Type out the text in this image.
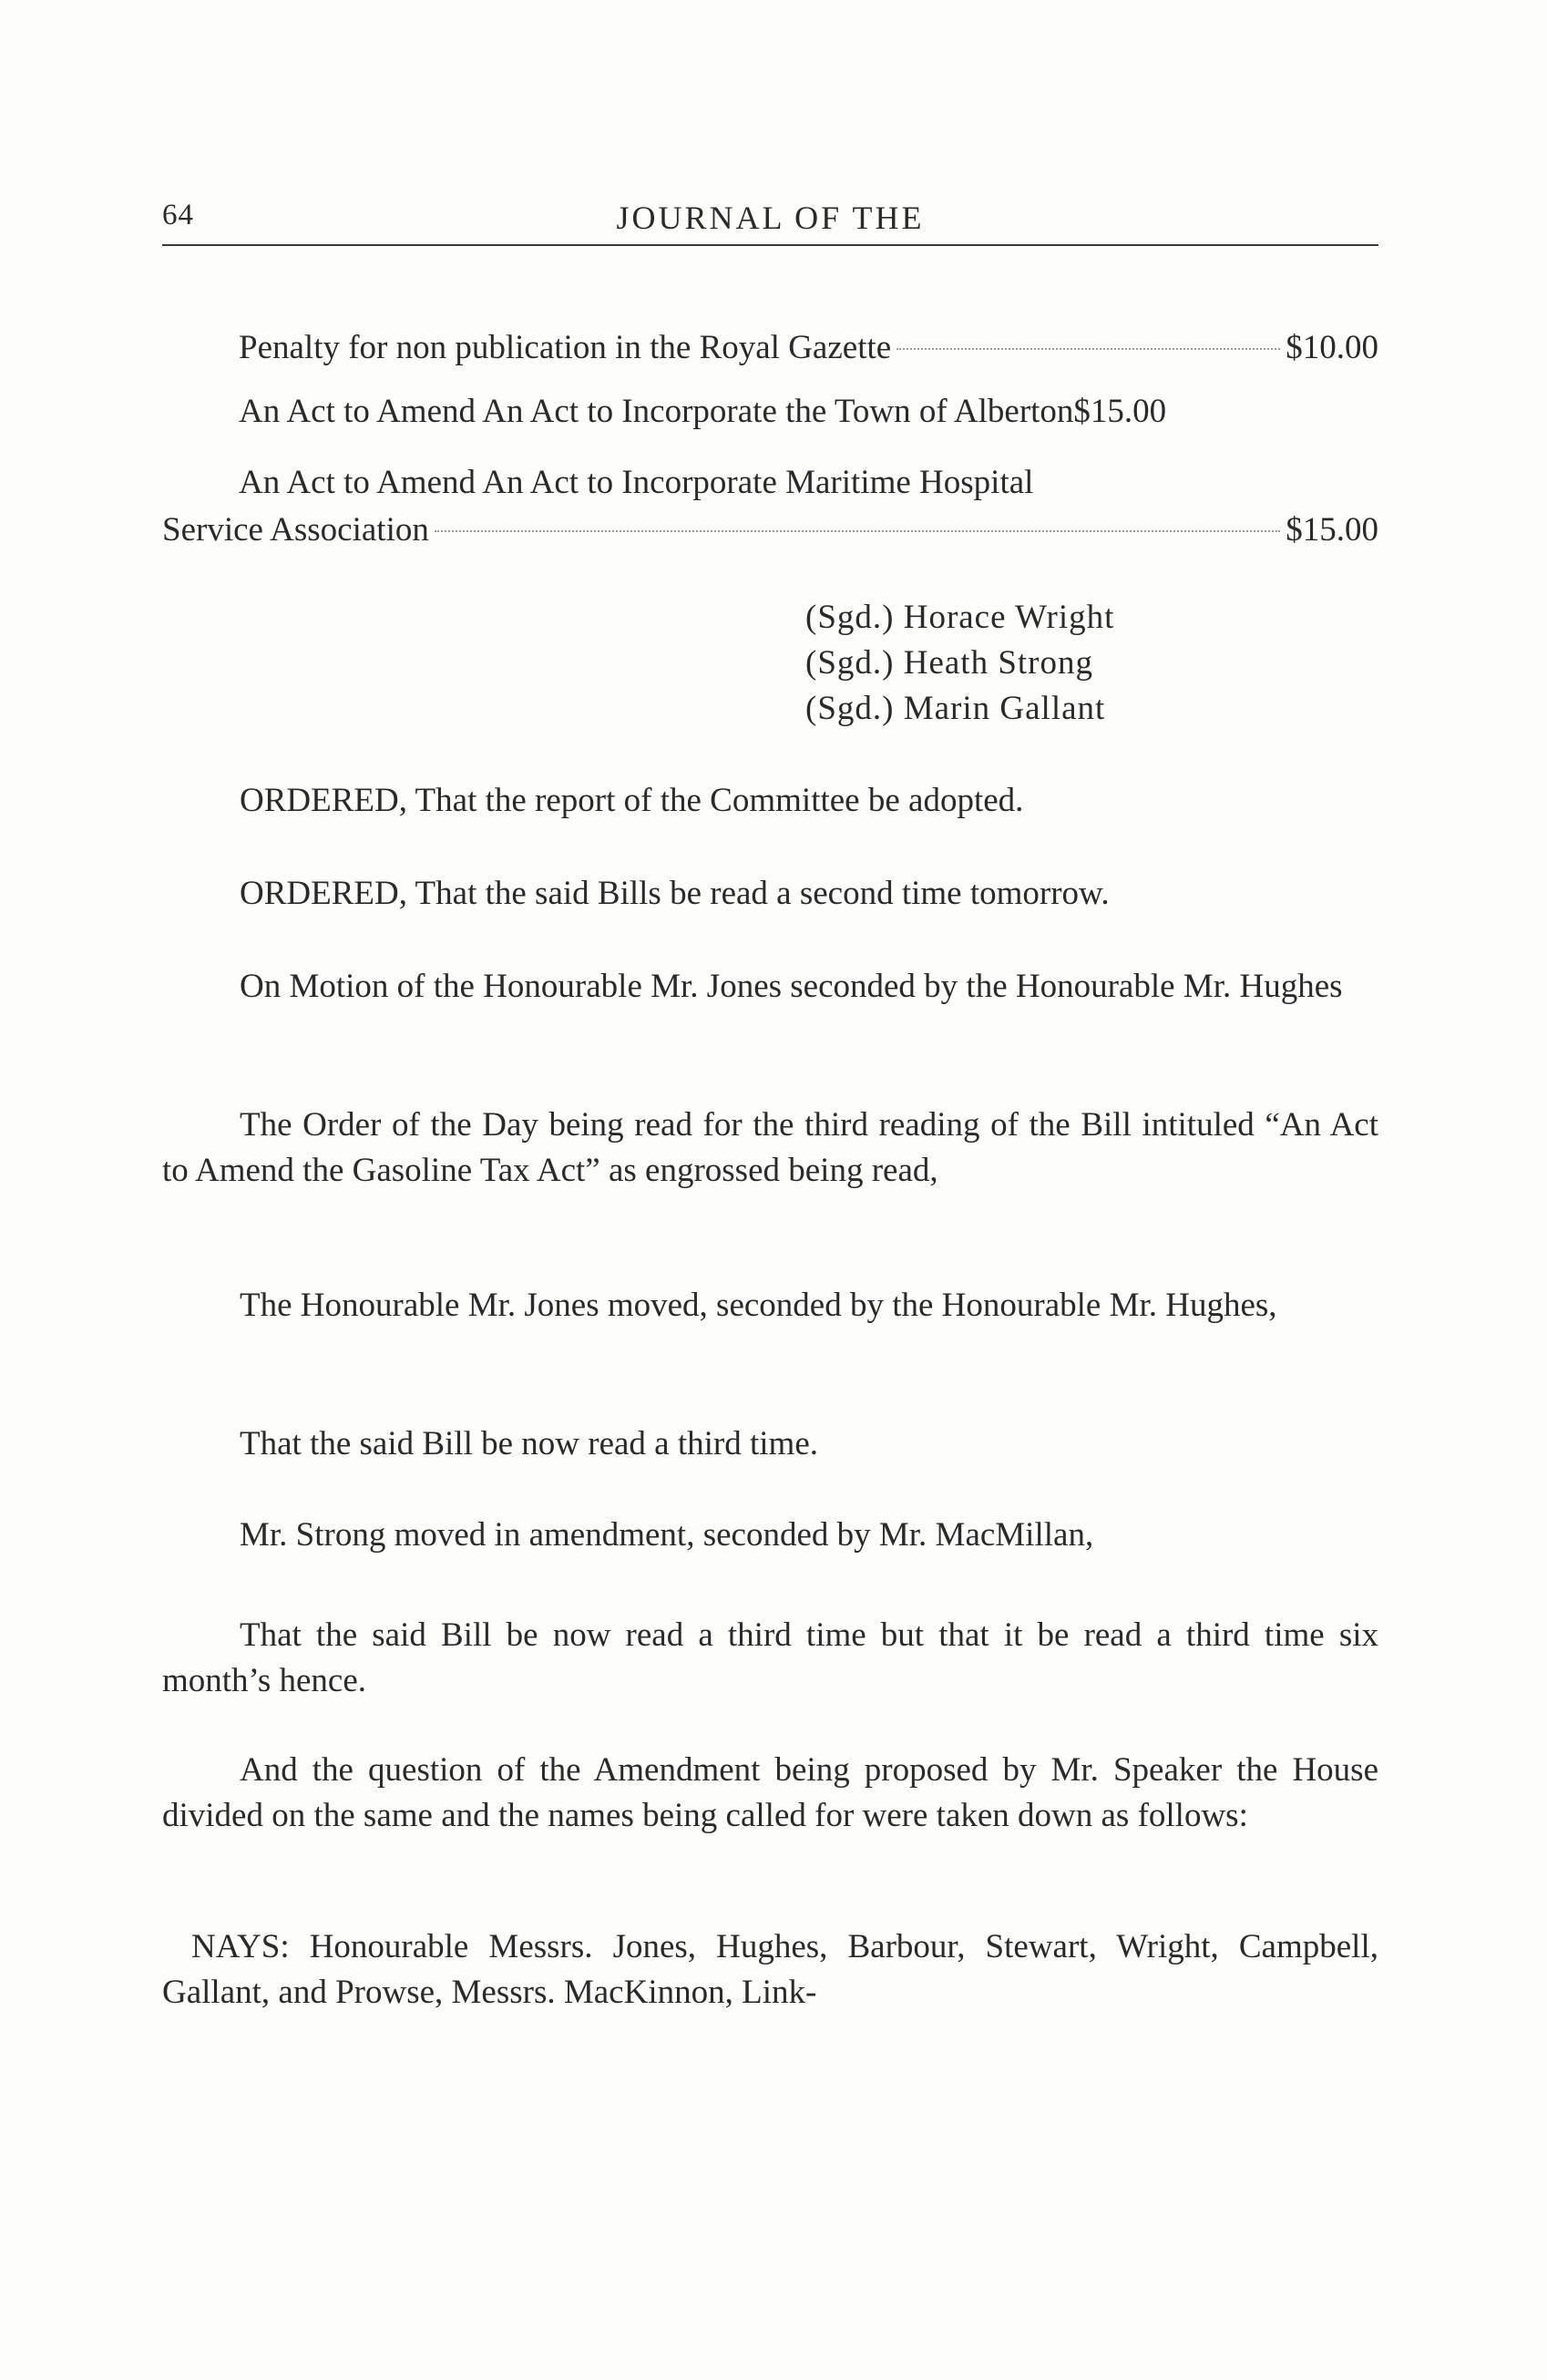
64	JOURNAL OF THE
Penalty for non publication in the Royal Gazette	$10.00
An Act to Amend An Act to Incorporate the Town of Alberton$15.00
An Act to Amend An Act to Incorporate Maritime Hospital
Service Association	$15.00
(Sgd.) Horace Wright
(Sgd.) Heath Strong
(Sgd.) Marin Gallant
ORDERED, That the report of the Committee be adopted.
ORDERED, That the said Bills be read a second time tomorrow.
On Motion of the Honourable Mr. Jones seconded by the Honourable Mr. Hughes
The Order of the Day being read for the third reading of the Bill intituled “An Act to Amend the Gasoline Tax Act” as engrossed being read,
The Honourable Mr. Jones moved, seconded by the Honourable Mr. Hughes,
That the said Bill be now read a third time.
Mr. Strong moved in amendment, seconded by Mr. MacMillan,
That the said Bill be now read a third time but that it be read a third time six month’s hence.
And the question of the Amendment being proposed by Mr. Speaker the House divided on the same and the names being called for were taken down as follows:
NAYS: Honourable Messrs. Jones, Hughes, Barbour, Stewart, Wright, Campbell, Gallant, and Prowse, Messrs. MacKinnon, Link-
